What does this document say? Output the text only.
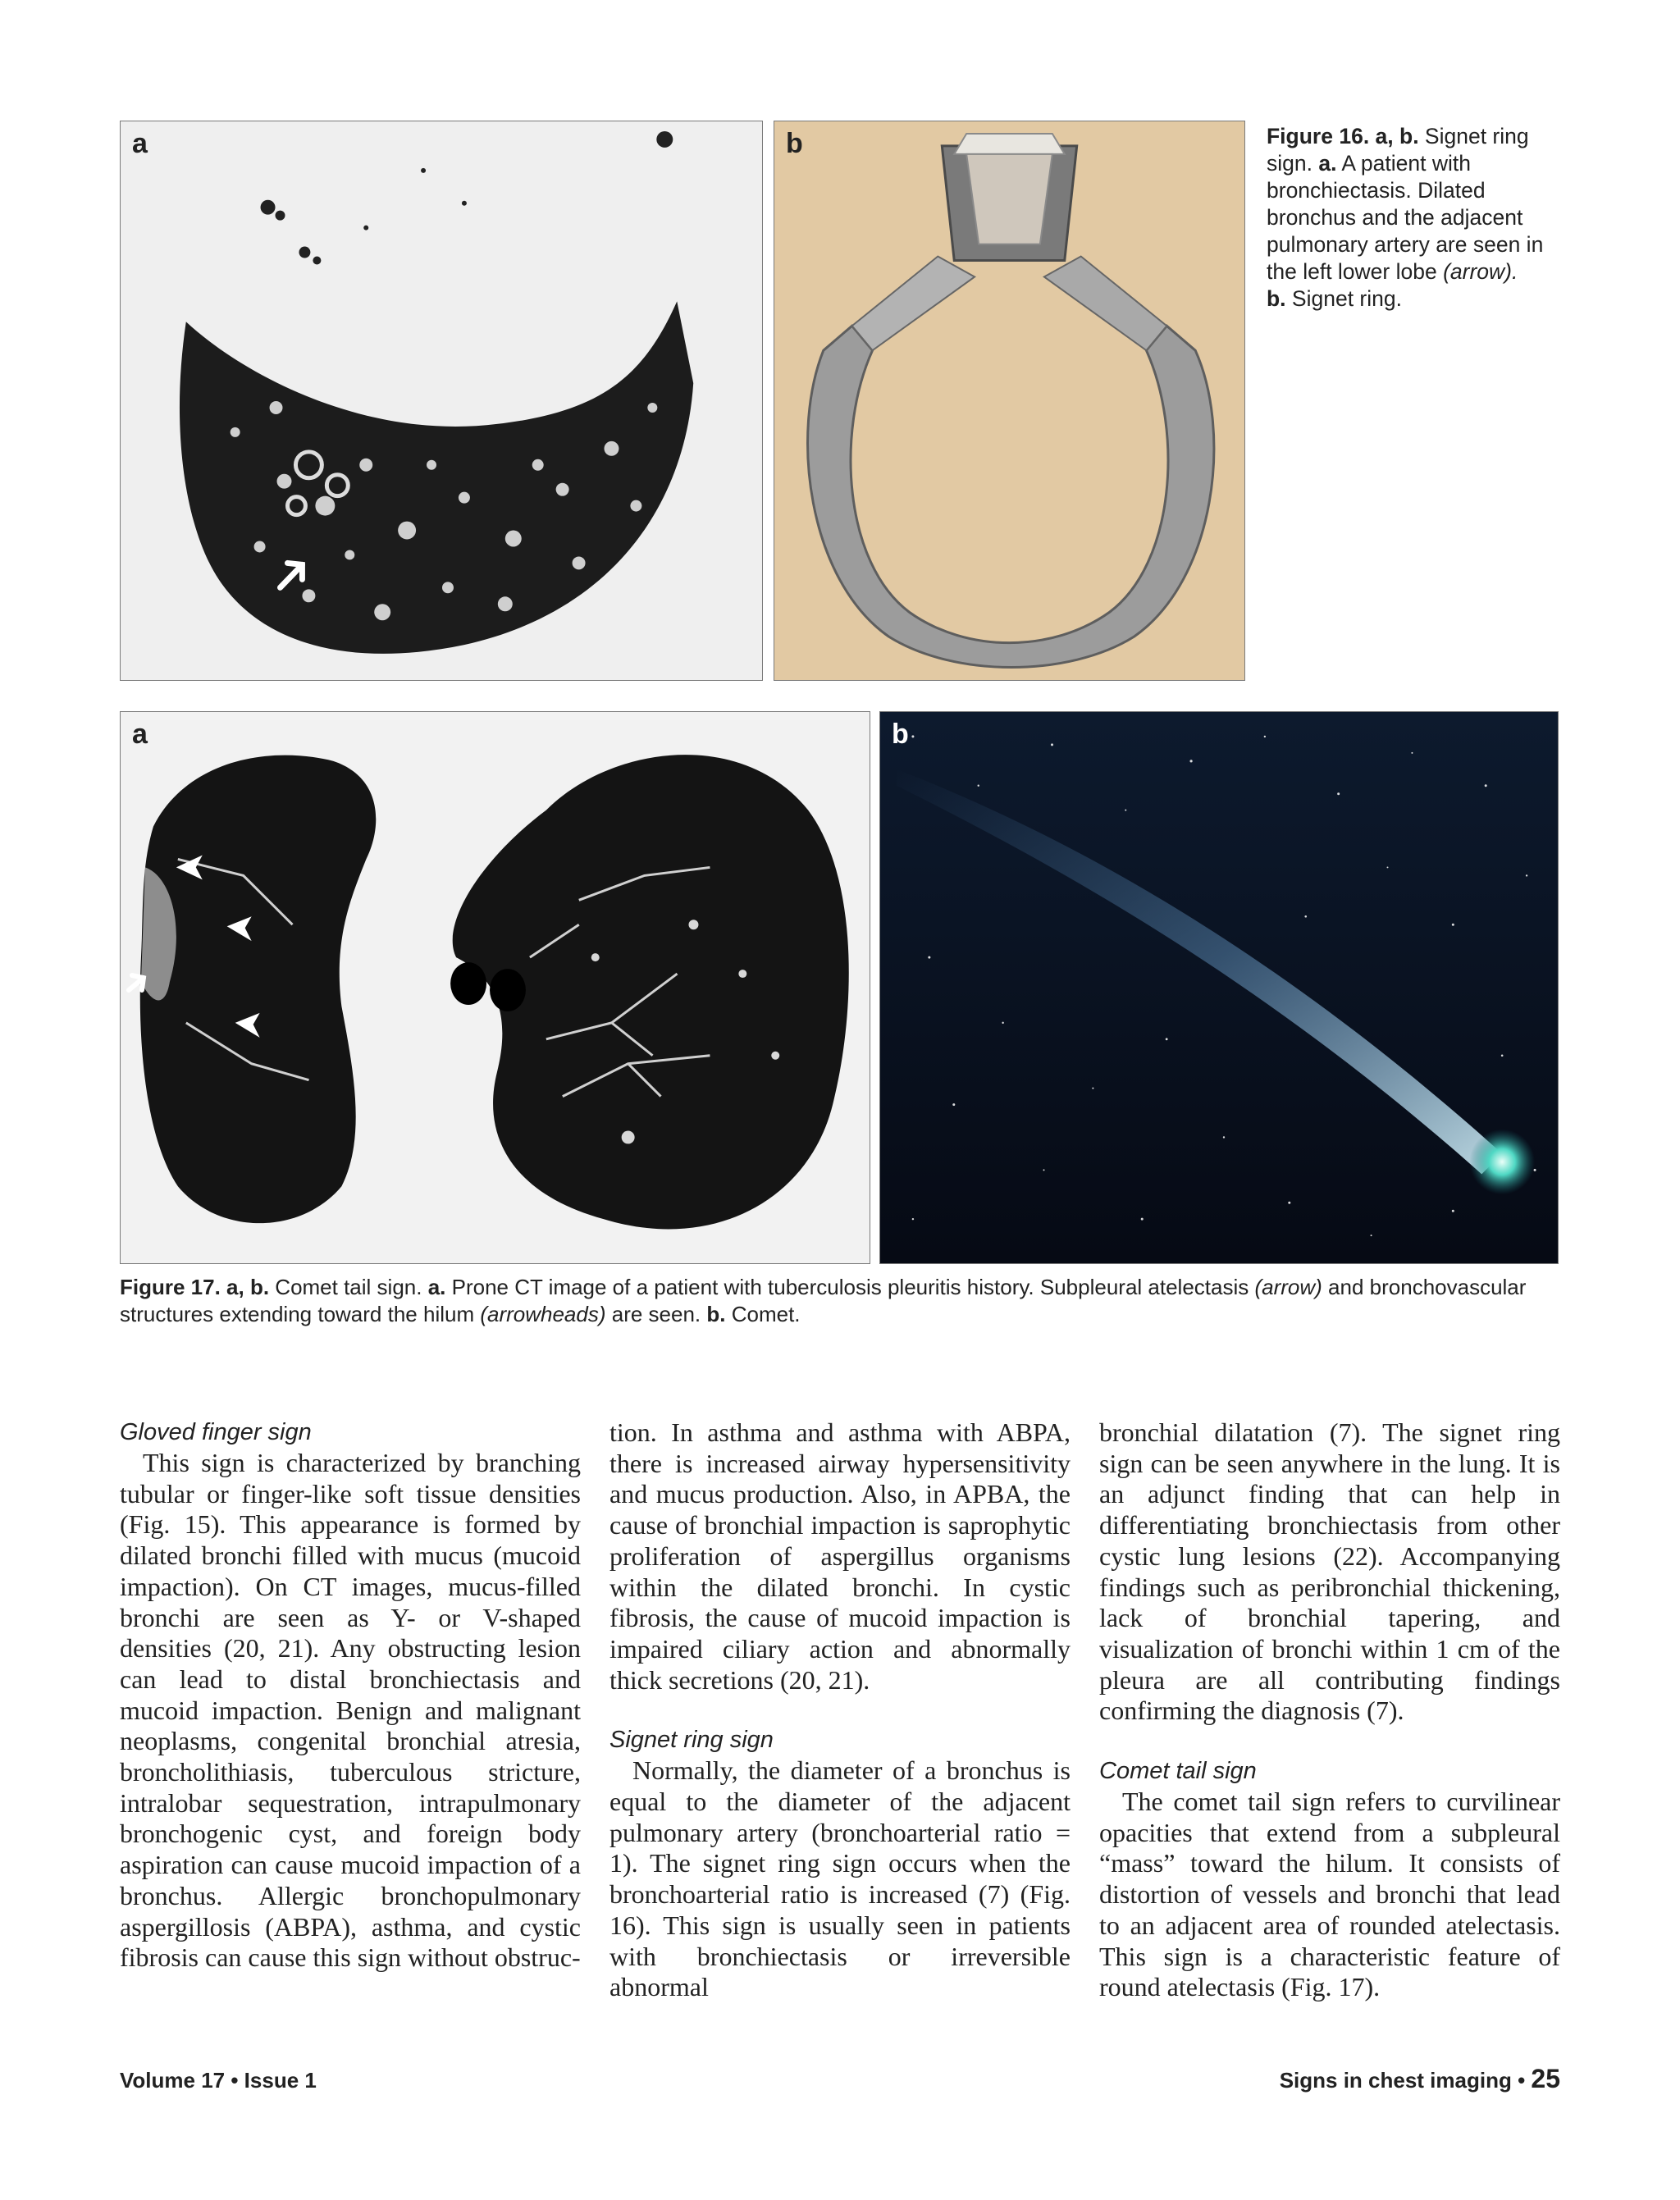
a	b	Figure 16. a, b. Signet ring sign. a. A patient with bronchiectasis. Dilated bronchus and the adjacent pulmonary artery are seen in the left lower lobe (arrow).
b. Signet ring.
a	b
Figure 17. a, b. Comet tail sign. a. Prone CT image of a patient with tuberculosis pleuritis history. Subpleural atelectasis (arrow) and bronchovascular structures extending toward the hilum (arrowheads) are seen. b. Comet.

Gloved finger sign

This sign is characterized by branching tubular or finger-like soft tissue densities (Fig. 15). This appearance is formed by dilated bronchi filled with mucus (mucoid impaction). On CT images, mucus-filled bronchi are seen as Y- or V-shaped densities (20, 21). Any obstructing lesion can lead to distal bronchiectasis and mucoid impaction. Benign and malignant neoplasms, congenital bronchial atresia, broncholithiasis, tuberculous stricture, intralobar sequestration, intrapulmonary bronchogenic cyst, and foreign body aspiration can cause mucoid impaction of a bronchus. Allergic bronchopulmonary aspergillosis (ABPA), asthma, and cystic fibrosis can cause this sign without obstruc-

tion. In asthma and asthma with ABPA, there is increased airway hypersensitivity and mucus production. Also, in APBA, the cause of bronchial impaction is saprophytic proliferation of aspergillus organisms within the dilated bronchi. In cystic fibrosis, the cause of mucoid impaction is impaired ciliary action and abnormally thick secretions (20, 21).

Signet ring sign

Normally, the diameter of a bronchus is equal to the diameter of the adjacent pulmonary artery (bronchoarterial ratio = 1). The signet ring sign occurs when the bronchoarterial ratio is increased (7) (Fig. 16). This sign is usually seen in patients with bronchiectasis or irreversible abnormal

bronchial dilatation (7). The signet ring sign can be seen anywhere in the lung. It is an adjunct finding that can help in differentiating bronchiectasis from other cystic lung lesions (22). Accompanying findings such as peribronchial thickening, lack of bronchial tapering, and visualization of bronchi within 1 cm of the pleura are all contributing findings confirming the diagnosis (7).

Comet tail sign

The comet tail sign refers to curvilinear opacities that extend from a subpleural “mass” toward the hilum. It consists of distortion of vessels and bronchi that lead to an adjacent area of rounded atelectasis. This sign is a characteristic feature of round atelectasis (Fig. 17).

Volume 17 • Issue 1	Signs in chest imaging • 25
